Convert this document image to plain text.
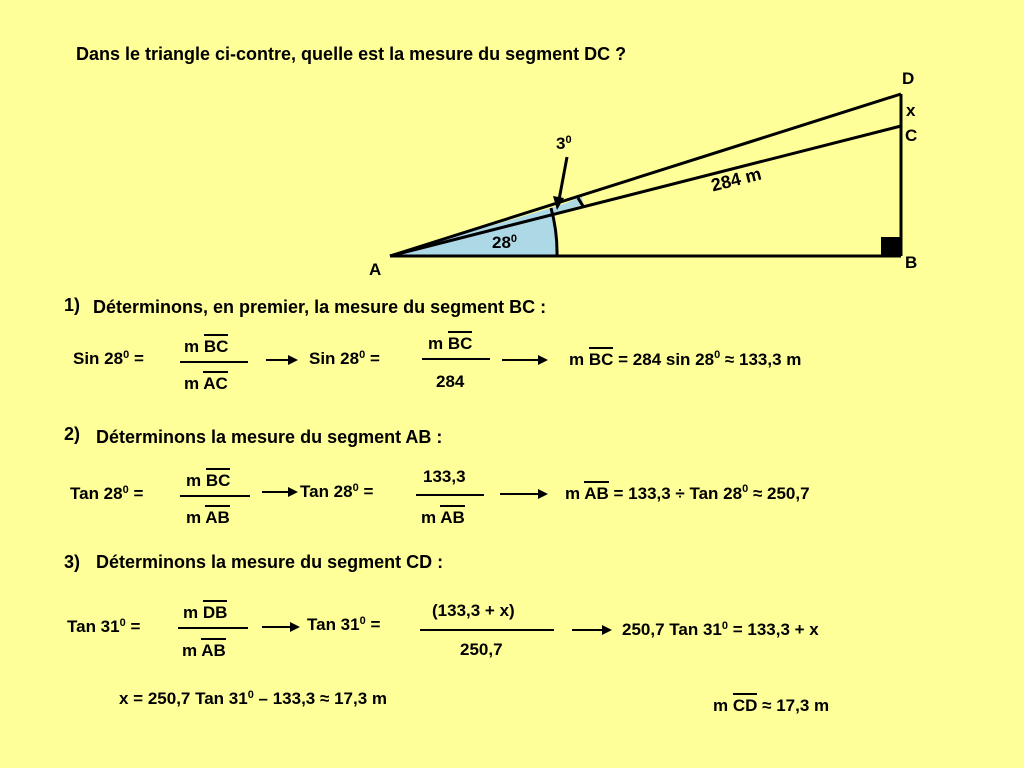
Dans le triangle ci-contre, quelle est la mesure du segment DC ?
D
x
C
B
A
284 m
$3^0$
$28^0$
1) Déterminons, en premier, la mesure du segment BC :
Sin $28^0$ =
m BC
m AC
Sin $28^0$ =
m BC
284
m BC = 284 $\sin 28^0 \approx 133,3$ m
2) Déterminons la mesure du segment AB :
Tan $28^0$ =
m BC
m AB
Tan $28^0$ =
133,3
m AB
m AB = 133,3 ÷ Tan $28^0 \approx 250,7$
3) Déterminons la mesure du segment CD :
Tan $31^0$ =
m DB
m AB
Tan $31^0$ =
(133,3 + x)
250,7
250,7 Tan $31^0 = 133,3 + x$
x = 250,7 Tan $31^0 - 133,3 \approx 17,3$ m	m CD ≈ 17,3 m
